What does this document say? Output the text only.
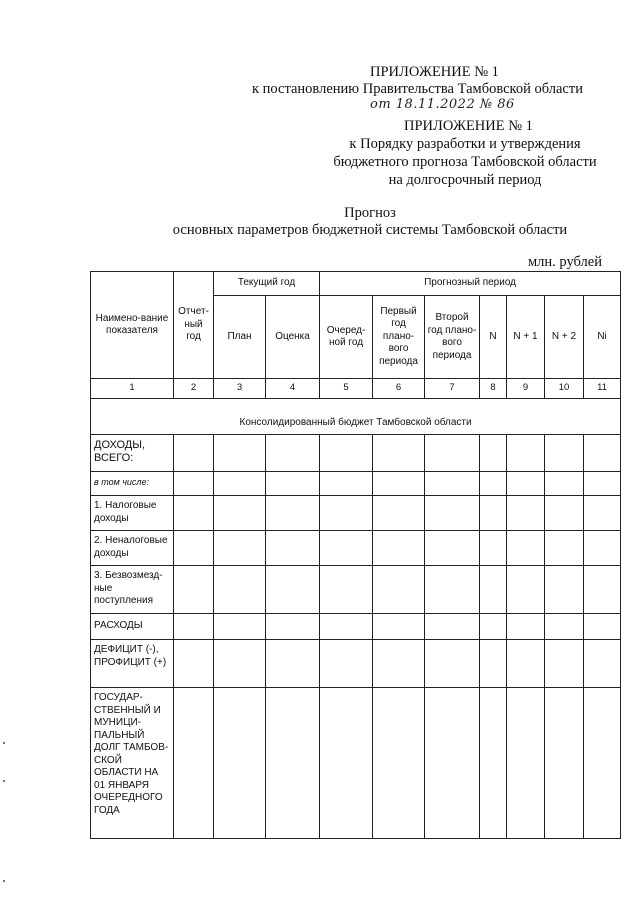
ПРИЛОЖЕНИЕ № 1
к постановлению Правительства Тамбовской области
от 18.11.2022 № 86
ПРИЛОЖЕНИЕ № 1
к Порядку разработки и утверждения
бюджетного прогноза Тамбовской области
на долгосрочный период
Прогноз
основных параметров бюджетной системы Тамбовской области
млн. рублей
Наимено-вание показателя	Отчет-ный год	Текущий год		Прогнозный период						
		План	Оценка	Очеред-ной год	Первый год плано-вого периода	Второй год плано-вого периода	N	N + 1	N + 2	Ni
1	2	3	4	5	6	7	8	9	10	11
Консолидированный бюджет Тамбовской области										
ДОХОДЫ, ВСЕГО:										
в том числе:										
1. Налоговые доходы										
2. Неналоговые доходы										
3. Безвозмезд-ные поступления										
РАСХОДЫ										
ДЕФИЦИТ (-), ПРОФИЦИТ (+)										
ГОСУДАР-СТВЕННЫЙ И МУНИЦИ-ПАЛЬНЫЙ ДОЛГ ТАМБОВ-СКОЙ ОБЛАСТИ НА 01 ЯНВАРЯ ОЧЕРЕДНОГО ГОДА										
